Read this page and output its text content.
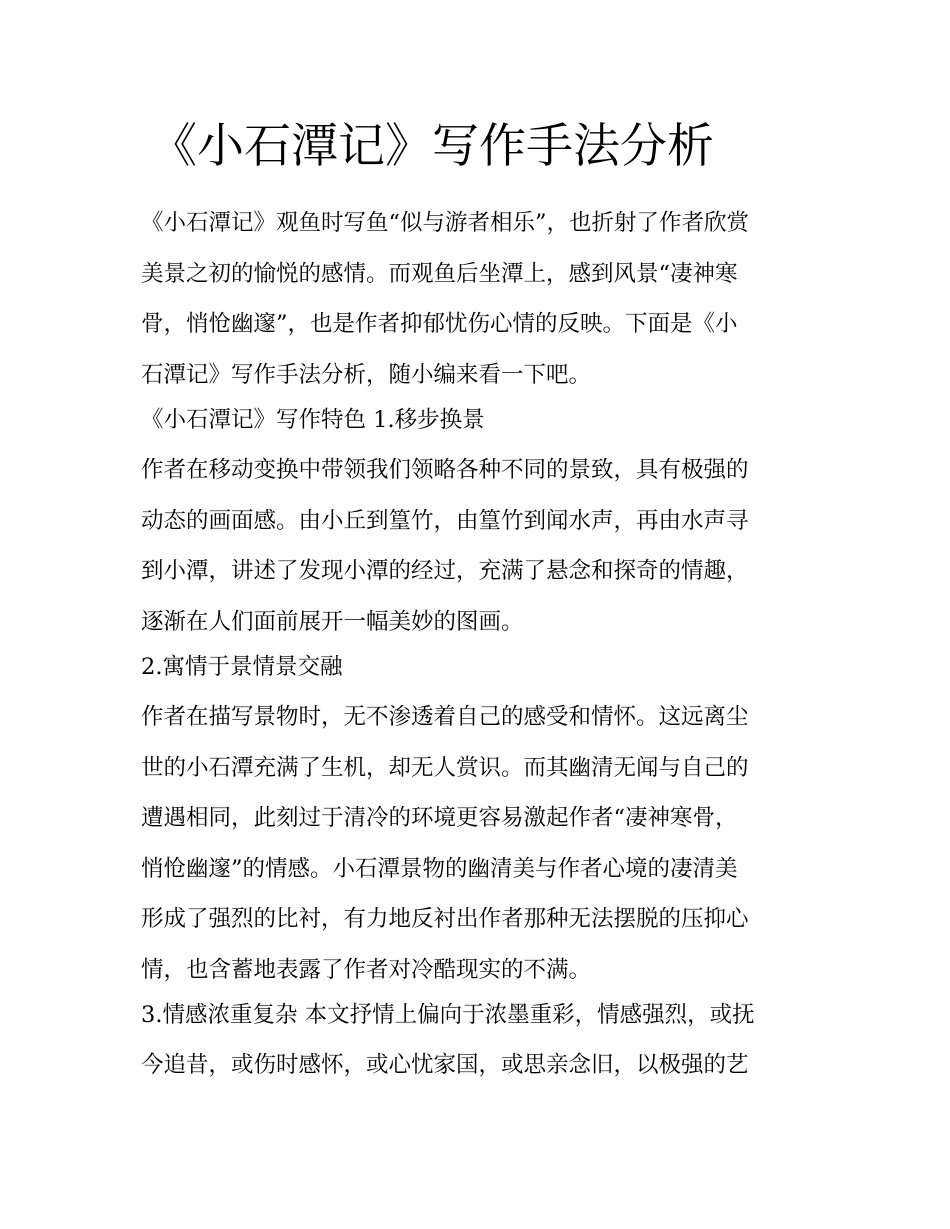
《小石潭记》写作手法分析
《小石潭记》观鱼时写鱼“似与游者相乐”，也折射了作者欣赏
美景之初的愉悦的感情。而观鱼后坐潭上，感到风景“凄神寒
骨，悄怆幽邃”，也是作者抑郁忧伤心情的反映。下面是《小
石潭记》写作手法分析，随小编来看一下吧。
《小石潭记》写作特色 1.移步换景
作者在移动变换中带领我们领略各种不同的景致，具有极强的
动态的画面感。由小丘到篁竹，由篁竹到闻水声，再由水声寻
到小潭，讲述了发现小潭的经过，充满了悬念和探奇的情趣，
逐渐在人们面前展开一幅美妙的图画。
2.寓情于景情景交融
作者在描写景物时，无不渗透着自己的感受和情怀。这远离尘
世的小石潭充满了生机，却无人赏识。而其幽清无闻与自己的
遭遇相同，此刻过于清冷的环境更容易激起作者“凄神寒骨，
悄怆幽邃”的情感。小石潭景物的幽清美与作者心境的凄清美
形成了强烈的比衬，有力地反衬出作者那种无法摆脱的压抑心
情，也含蓄地表露了作者对冷酷现实的不满。
3.情感浓重复杂 本文抒情上偏向于浓墨重彩，情感强烈，或抚
今追昔，或伤时感怀，或心忧家国，或思亲念旧，以极强的艺
